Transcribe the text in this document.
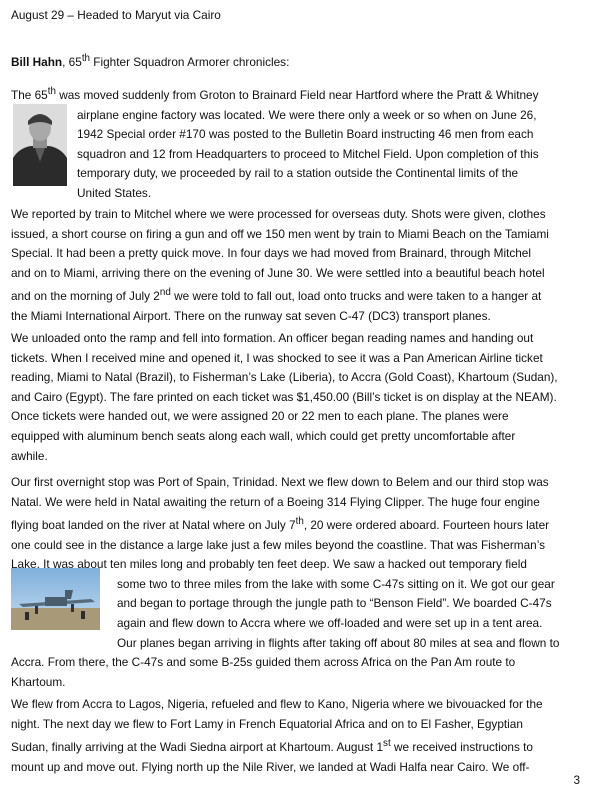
August 29 – Headed to Maryut via Cairo

Bill Hahn, 65th Fighter Squadron Armorer chronicles:

The 65th was moved suddenly from Groton to Brainard Field near Hartford where the Pratt & Whitney
airplane engine factory was located. We were there only a week or so when on June 26,
1942 Special order #170 was posted to the Bulletin Board instructing 46 men from each
squadron and 12 from Headquarters to proceed to Mitchel Field. Upon completion of this
temporary duty, we proceeded by rail to a station outside the Continental limits of the
United States.

We reported by train to Mitchel where we were processed for overseas duty. Shots were given, clothes
issued, a short course on firing a gun and off we 150 men went by train to Miami Beach on the Tamiami
Special. It had been a pretty quick move. In four days we had moved from Brainard, through Mitchel
and on to Miami, arriving there on the evening of June 30. We were settled into a beautiful beach hotel
and on the morning of July 2nd we were told to fall out, load onto trucks and were taken to a hanger at
the Miami International Airport. There on the runway sat seven C-47 (DC3) transport planes.

We unloaded onto the ramp and fell into formation. An officer began reading names and handing out
tickets. When I received mine and opened it, I was shocked to see it was a Pan American Airline ticket
reading, Miami to Natal (Brazil), to Fisherman’s Lake (Liberia), to Accra (Gold Coast), Khartoum (Sudan),
and Cairo (Egypt). The fare printed on each ticket was $1,450.00 (Bill’s ticket is on display at the NEAM).
Once tickets were handed out, we were assigned 20 or 22 men to each plane. The planes were
equipped with aluminum bench seats along each wall, which could get pretty uncomfortable after
awhile.

Our first overnight stop was Port of Spain, Trinidad. Next we flew down to Belem and our third stop was
Natal. We were held in Natal awaiting the return of a Boeing 314 Flying Clipper. The huge four engine
flying boat landed on the river at Natal where on July 7th, 20 were ordered aboard. Fourteen hours later
one could see in the distance a large lake just a few miles beyond the coastline. That was Fisherman’s
Lake. It was about ten miles long and probably ten feet deep. We saw a hacked out temporary field
some two to three miles from the lake with some C-47s sitting on it. We got our gear
and began to portage through the jungle path to “Benson Field”. We boarded C-47s
again and flew down to Accra where we off-loaded and were set up in a tent area.
Our planes began arriving in flights after taking off about 80 miles at sea and flown to
Accra. From there, the C-47s and some B-25s guided them across Africa on the Pan Am route to
Khartoum.

We flew from Accra to Lagos, Nigeria, refueled and flew to Kano, Nigeria where we bivouacked for the
night. The next day we flew to Fort Lamy in French Equatorial Africa and on to El Fasher, Egyptian
Sudan, finally arriving at the Wadi Siedna airport at Khartoum. August 1st we received instructions to
mount up and move out. Flying north up the Nile River, we landed at Wadi Halfa near Cairo. We off-

3
